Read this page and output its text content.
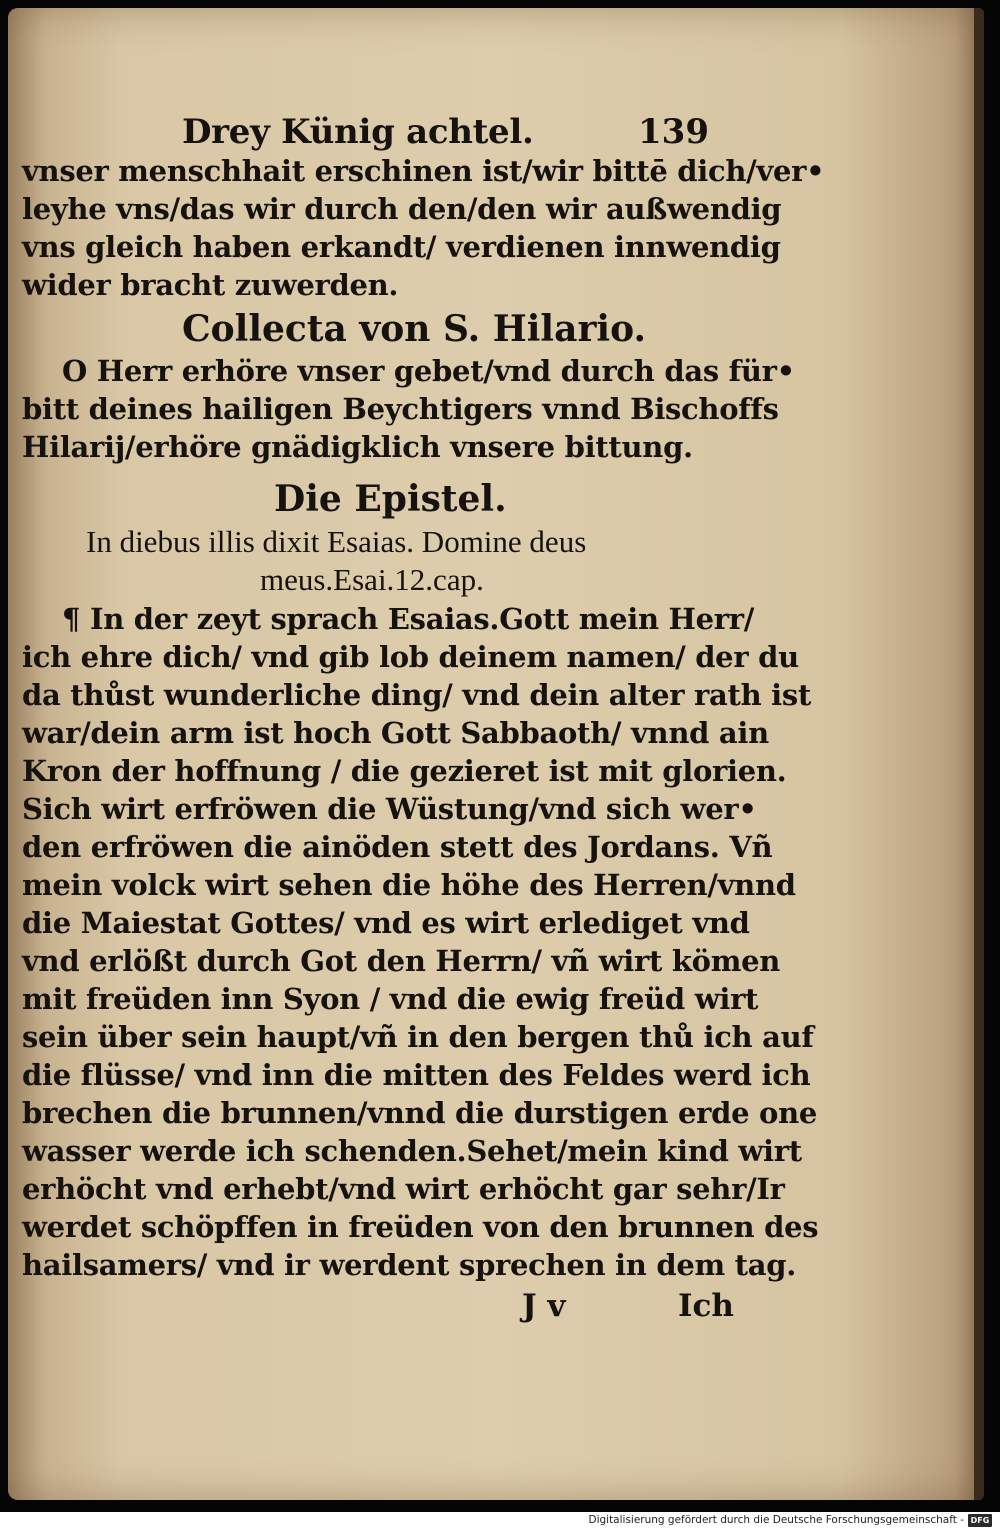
Drey Künig achtel.	139
vnser menschhait erschinen ist/wir bittē dich/ver•
leyhe vns/das wir durch den/den wir außwendig
vns gleich haben erkandt/ verdienen innwendig
wider bracht zuwerden.
Collecta von S. Hilario.
O Herr erhöre vnser gebet/vnd durch das für•
bitt deines hailigen Beychtigers vnnd Bischoffs
Hilarij/erhöre gnädigklich vnsere bittung.
Die Epistel.
In diebus illis dixit Esaias. Domine deus
meus.Esai.12.cap.
¶ In der zeyt sprach Esaias.Gott mein Herr/
ich ehre dich/ vnd gib lob deinem namen/ der du
da thůst wunderliche ding/ vnd dein alter rath ist
war/dein arm ist hoch Gott Sabbaoth/ vnnd ain
Kron der hoffnung / die gezieret ist mit glorien.
Sich wirt erfröwen die Wüstung/vnd sich wer•
den erfröwen die ainöden stett des Jordans. Vñ
mein volck wirt sehen die höhe des Herren/vnnd
die Maiestat Gottes/ vnd es wirt erlediget vnd
vnd erlößt durch Got den Herrn/ vñ wirt kömen
mit freüden inn Syon / vnd die ewig freüd wirt
sein über sein haupt/vñ in den bergen thů ich auf
die flüsse/ vnd inn die mitten des Feldes werd ich
brechen die brunnen/vnnd die durstigen erde one
wasser werde ich schenden.Sehet/mein kind wirt
erhöcht vnd erhebt/vnd wirt erhöcht gar sehr/Ir
werdet schöpffen in freüden von den brunnen des
hailsamers/ vnd ir werdent sprechen in dem tag.
J v	Ich
Digitalisierung gefördert durch die Deutsche Forschungsgemeinschaft - DFG
